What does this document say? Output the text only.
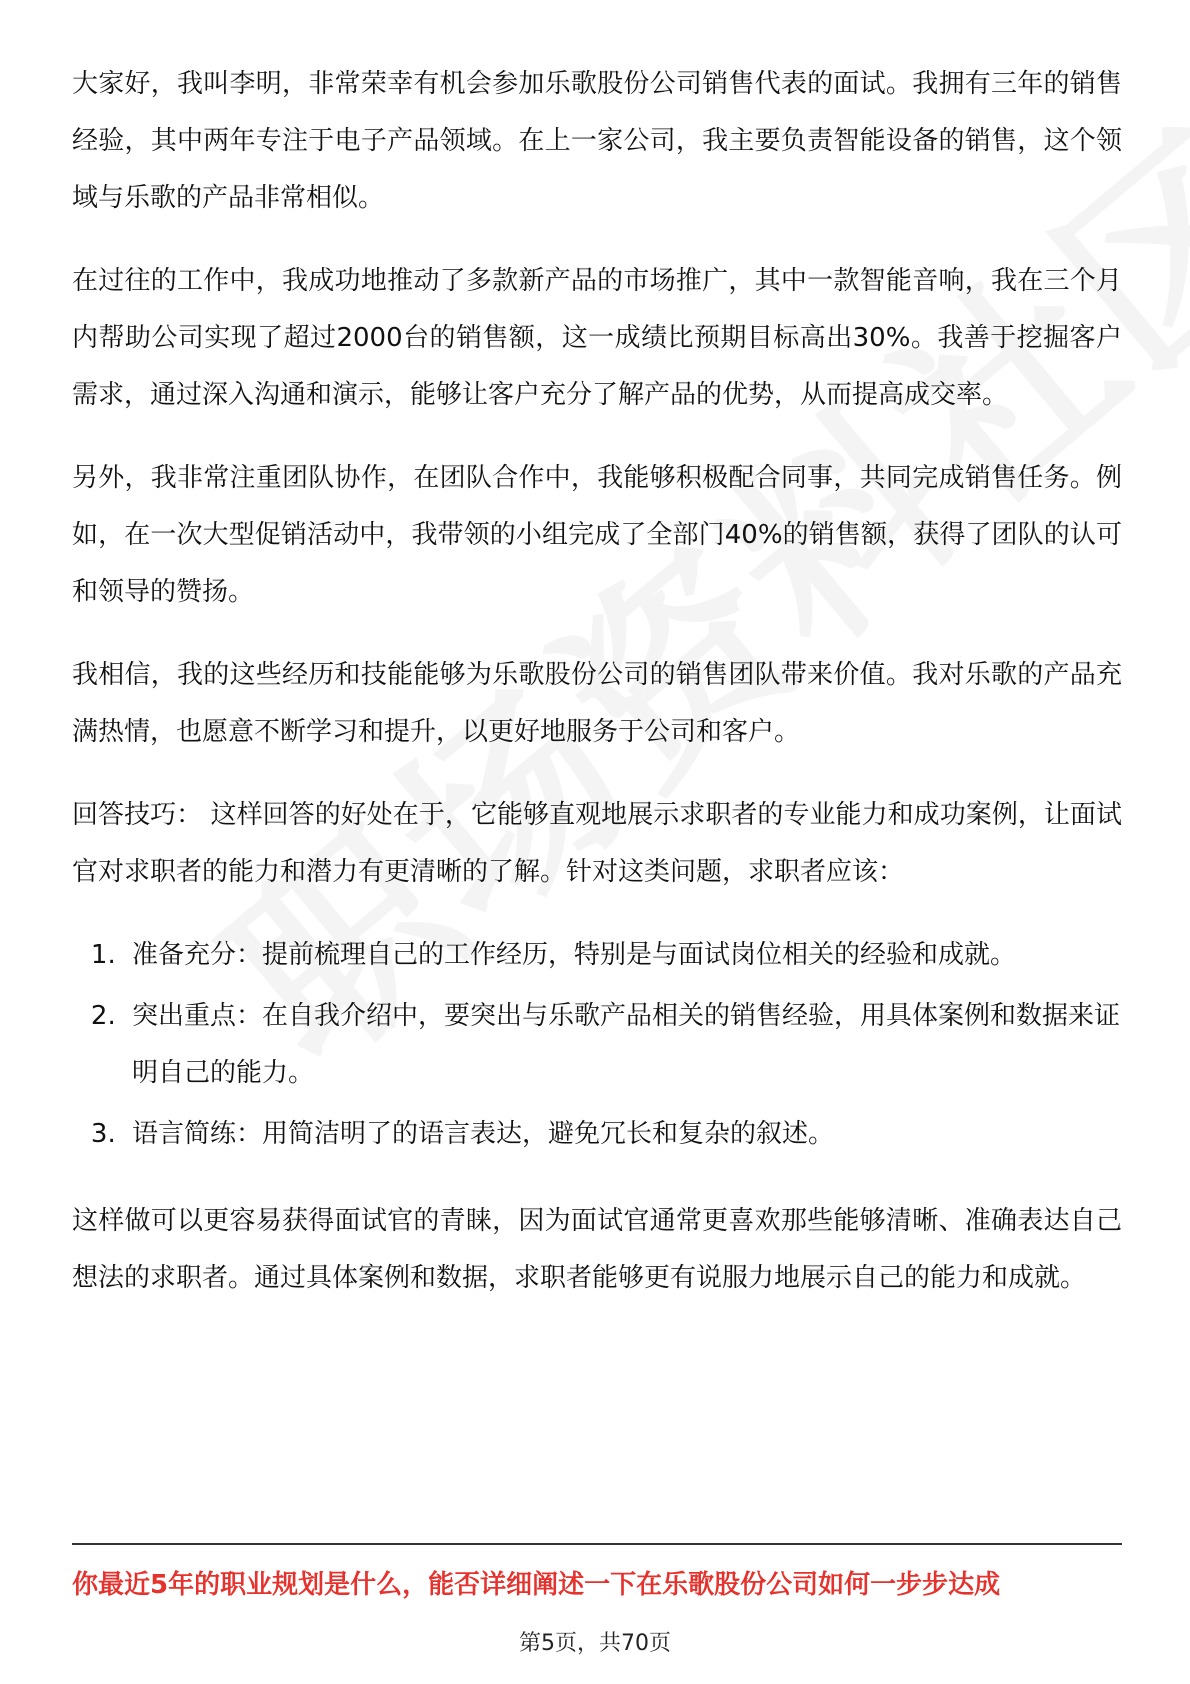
大家好，我叫李明，非常荣幸有机会参加乐歌股份公司销售代表的面试。我拥有三年的销售经验，其中两年专注于电子产品领域。在上一家公司，我主要负责智能设备的销售，这个领域与乐歌的产品非常相似。

在过往的工作中，我成功地推动了多款新产品的市场推广，其中一款智能音响，我在三个月内帮助公司实现了超过2000台的销售额，这一成绩比预期目标高出30%。我善于挖掘客户需求，通过深入沟通和演示，能够让客户充分了解产品的优势，从而提高成交率。

另外，我非常注重团队协作，在团队合作中，我能够积极配合同事，共同完成销售任务。例如，在一次大型促销活动中，我带领的小组完成了全部门40%的销售额，获得了团队的认可和领导的赞扬。

我相信，我的这些经历和技能能够为乐歌股份公司的销售团队带来价值。我对乐歌的产品充满热情，也愿意不断学习和提升，以更好地服务于公司和客户。

回答技巧： 这样回答的好处在于，它能够直观地展示求职者的专业能力和成功案例，让面试官对求职者的能力和潜力有更清晰的了解。针对这类问题，求职者应该：

1. 准备充分：提前梳理自己的工作经历，特别是与面试岗位相关的经验和成就。
2. 突出重点：在自我介绍中，要突出与乐歌产品相关的销售经验，用具体案例和数据来证明自己的能力。
3. 语言简练：用简洁明了的语言表达，避免冗长和复杂的叙述。

这样做可以更容易获得面试官的青睐，因为面试官通常更喜欢那些能够清晰、准确表达自己想法的求职者。通过具体案例和数据，求职者能够更有说服力地展示自己的能力和成就。

你最近5年的职业规划是什么，能否详细阐述一下在乐歌股份公司如何一步步达成
第5页，共70页
